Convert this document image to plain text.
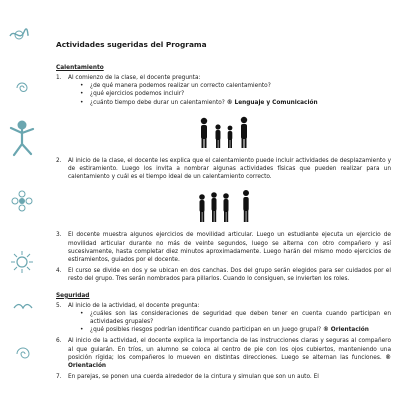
Actividades sugeridas del Programa
Calentamiento
1. Al comienzo de la clase, el docente pregunta:
• ¿de qué manera podemos realizar un correcto calentamiento?
• ¿qué ejercicios podemos incluir?
• ¿cuánto tiempo debe durar un calentamiento? ® Lenguaje y Comunicación
2. Al inicio de la clase, el docente les explica que el calentamiento puede incluir actividades de desplazamiento y de estiramiento. Luego los invita a nombrar algunas actividades físicas que pueden realizar para un calentamiento y cuál es el tiempo ideal de un calentamiento correcto.
3. El docente muestra algunos ejercicios de movilidad articular. Luego un estudiante ejecuta un ejercicio de movilidad articular durante no más de veinte segundos, luego se alterna con otro compañero y así sucesivamente, hasta completar diez minutos aproximadamente. Luego harán del mismo modo ejercicios de estiramientos, guiados por el docente.
4. El curso se divide en dos y se ubican en dos canchas. Dos del grupo serán elegidos para ser cuidados por el resto del grupo. Tres serán nombrados para pillarlos. Cuando lo consiguen, se invierten los roles.
Seguridad
5. Al inicio de la actividad, el docente pregunta:
• ¿cuáles son las consideraciones de seguridad que deben tener en cuenta cuando participan en actividades grupales?
• ¿qué posibles riesgos podrían identificar cuando participan en un juego grupal? ® Orientación
6. Al inicio de la actividad, el docente explica la importancia de las instrucciones claras y seguras al compañero al que guiarán. En tríos, un alumno se coloca al centro de pie con los ojos cubiertos, manteniendo una posición rígida; los compañeros lo mueven en distintas direcciones. Luego se alternan las funciones. ® Orientación
7. En parejas, se ponen una cuerda alrededor de la cintura y simulan que son un auto. El
